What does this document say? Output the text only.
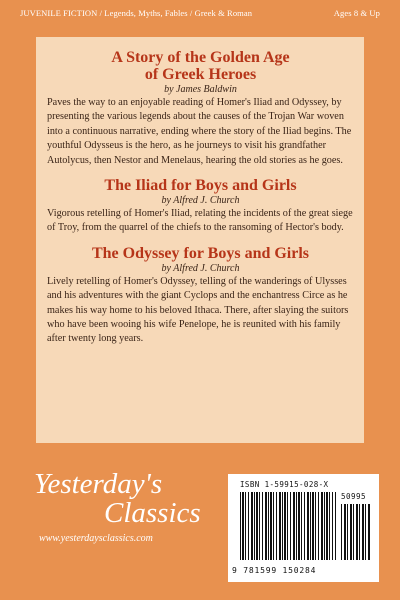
JUVENILE FICTION / Legends, Myths, Fables / Greek & Roman	Ages 8 & Up

A Story of the Golden Age
of Greek Heroes

by James Baldwin

Paves the way to an enjoyable reading of Homer's Iliad and Odyssey, by presenting the various legends about the causes of the Trojan War woven into a continuous narrative, ending where the story of the Iliad begins. The youthful Odysseus is the hero, as he journeys to visit his grandfather Autolycus, then Nestor and Menelaus, hearing the old stories as he goes.

The Iliad for Boys and Girls

by Alfred J. Church

Vigorous retelling of Homer's Iliad, relating the incidents of the great siege of Troy, from the quarrel of the chiefs to the ransoming of Hector's body.

The Odyssey for Boys and Girls

by Alfred J. Church

Lively retelling of Homer's Odyssey, telling of the wanderings of Ulysses and his adventures with the giant Cyclops and the enchantress Circe as he makes his way home to his beloved Ithaca. There, after slaying the suitors who have been wooing his wife Penelope, he is reunited with his family after twenty long years.

Yesterday's
Classics
www.yesterdaysclassics.com
ISBN 1-59915-028-X
50995
9 781599 150284
